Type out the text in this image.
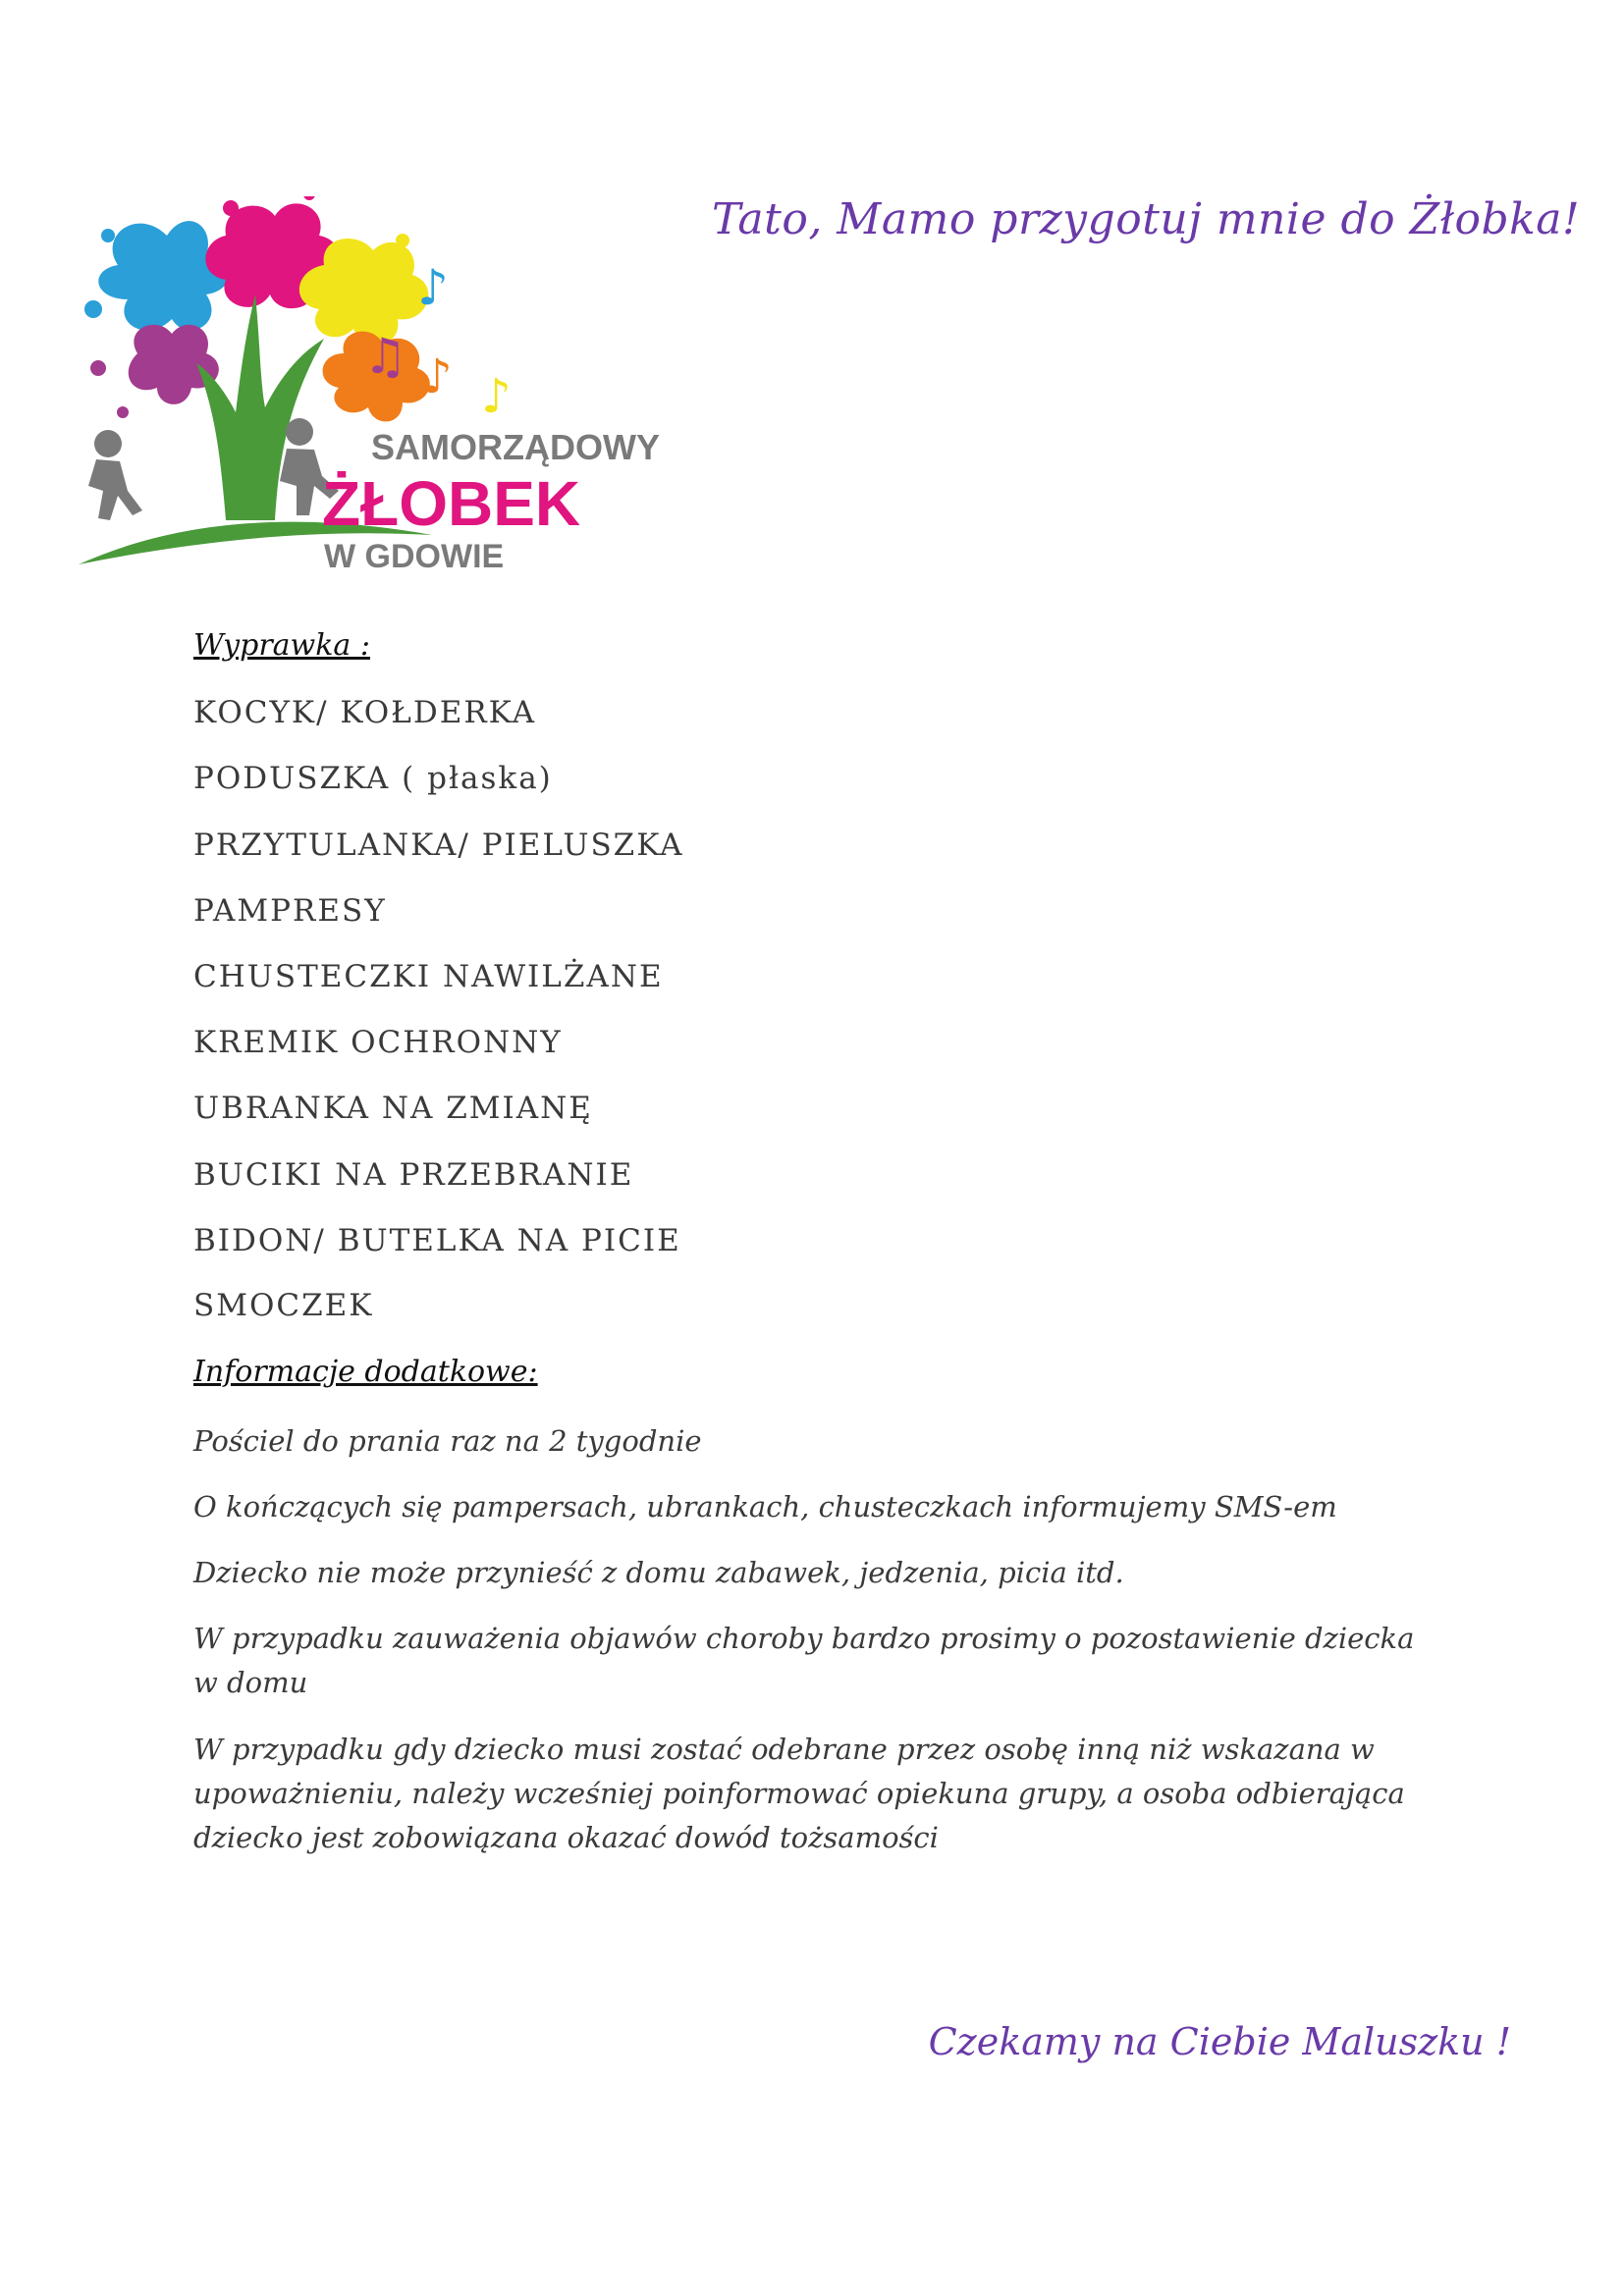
♪
♫ ♪ ♪
SAMORZĄDOWY
ŻŁOBEK
W GDOWIE
Tato, Mamo przygotuj mnie do Żłobka!
Wyprawka :
KOCYK/ KOŁDERKA
PODUSZKA ( płaska)
PRZYTULANKA/ PIELUSZKA
PAMPRESY
CHUSTECZKI NAWILŻANE
KREMIK OCHRONNY
UBRANKA NA ZMIANĘ
BUCIKI NA PRZEBRANIE
BIDON/ BUTELKA NA PICIE
SMOCZEK
Informacje dodatkowe:
Pościel do prania raz na 2 tygodnie
O kończących się pampersach, ubrankach, chusteczkach informujemy SMS-em
Dziecko nie może przynieść z domu zabawek, jedzenia, picia itd.
W przypadku zauważenia objawów choroby bardzo prosimy o pozostawienie dziecka w domu
W przypadku gdy dziecko musi zostać odebrane przez osobę inną niż wskazana w upoważnieniu, należy wcześniej poinformować opiekuna grupy, a osoba odbierająca dziecko jest zobowiązana okazać dowód tożsamości
Czekamy na Ciebie Maluszku !
